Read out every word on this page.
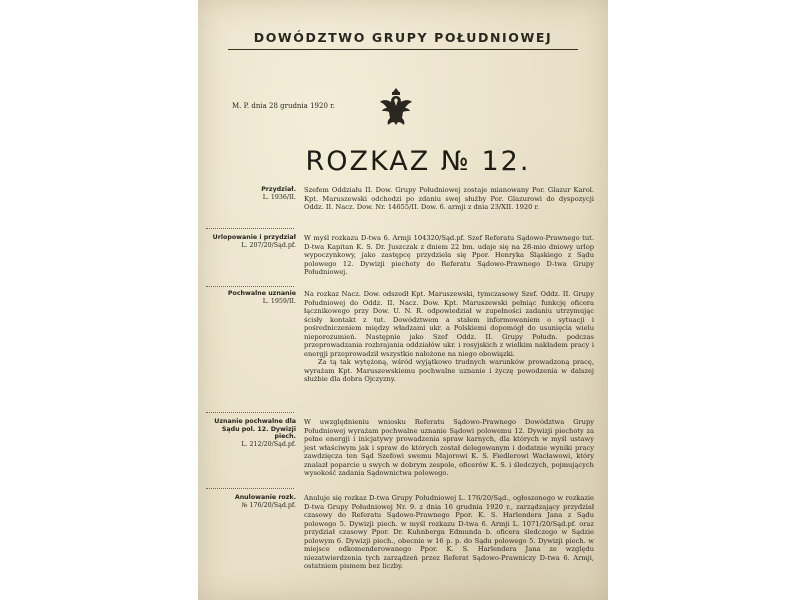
DOWÓDZTWO GRUPY POŁUDNIOWEJ
M. P. dnia 28 grudnia 1920 r.
ROZKAZ № 12.
Przydział.
L. 1936/II.
Szefem Oddziału II. Dow. Grupy Południowej zostaje mianowany Por. Glazur Karol. Kpt. Maruszewski odchodzi po zdaniu swej służby Por. Glazurowi do dyspozycji Oddz. II. Nacz. Dow. Nr. 14655/II. Dow. 6. armji z dnia 23/XII. 1920 r.
Urlopowanie i przydział
L. 207/20/Sąd.pf.
W myśl rozkazu D-twa 6. Armji 104320/Sąd.pf. Szef Referatu Sądowo-Prawnego tut. D-twa Kapitan K. S. Dr. Juszczak z dniem 22 bm. udaje się na 28-mio dniowy urlop wypoczynkowy, jako zastępcę przydziela się Ppor. Henryka Śląskiego z Sądu polowego 12. Dywizji piechoty do Referatu Sądowo-Prawnego D-twa Grupy Południowej.
Pochwalne uznanie
L. 1959/II.
Na rozkaz Nacz. Dow. odszedł Kpt. Maruszewski, tymczasowy Szef. Oddz. II. Grupy Południowej do Oddz. II. Nacz. Dow. Kpt. Maruszewski pełniąc funkcję oficera łącznikowego przy Dow. U. N. R. odpowiedział w zupełności zadaniu utrzymując ścisły kontakt z tut. Dowództwem a stałem informowaniem o sytuacji i pośredniczeniem między władzami ukr. a Polskiemi dopomógł do usunięcia wielu nieporozumień. Następnie jako Szef Oddz. II. Grupy Połudn. podczas przeprowadzania rozbrajania oddziałów ukr. i rosyjskich z wielkim nakładem pracy i energji przeprowadził wszystkie nałożone na niego obowiązki.
Za tą tak wytężoną, wśród wyjątkowo trudnych warunków prowadzoną pracę, wyrażam Kpt. Maruszewskiemu pochwalne uznanie i życzę powodzenia w dalszej służbie dla dobra Ojczyzny.
Uznanie pochwalne dla Sądu pol. 12. Dywizji piech.
L. 212/20/Sąd.pf.
W uwzględnieniu wniosku Referatu Sądowo-Prawnego Dowództwa Grupy Południowej wyrażam pochwalne uznanie Sądowi polowemu 12. Dywizji piechoty za pełne energji i inicjatywy prowadzenia spraw karnych, dla których w myśl ustawy jest właściwym jak i spraw do których został delegowanym i dodatnie wyniki pracy zawdzięcza ten Sąd Szefowi swemu Majorowi K. S. Fiedlerowi Wacławowi, który znalazł poparcie u swych w dobrym zespole, oficerów K. S. i śledczych, pojmujących wysokość zadania Sądownictwa polowego.
Anulowanie rozk.
№ 176/20/Sąd.pf.
Anuluje się rozkaz D-twa Grupy Południowej L. 176/20/Sąd., ogłoszonego w rozkazie D-twa Grupy Południowej Nr. 9. z dnia 16 grudnia 1920 r., zarządzający przydział czasowy do Referatu Sądowo-Prawnego Ppor. K. S. Harlendera Jana z Sądu polowego 5. Dywizji piech. w myśl rozkazu D-twa 6. Armji L. 1071/20/Sąd.pf. oraz przydział czasowy Ppor. Dr. Kuhnberga Edmunda b. oficera śledczego w Sądzie polowym 6. Dywizji piech., obecnie w 16 p. p. do Sądu polowego 5. Dywizji piech. w miejsce odkomenderowanego Ppor. K. S. Harlendera Jana ze względu niezatwierdzenia tych zarządzeń przez Referat Sądowo-Prawniczy D-twa 6. Armji, ostatniem pismem bez liczby.
